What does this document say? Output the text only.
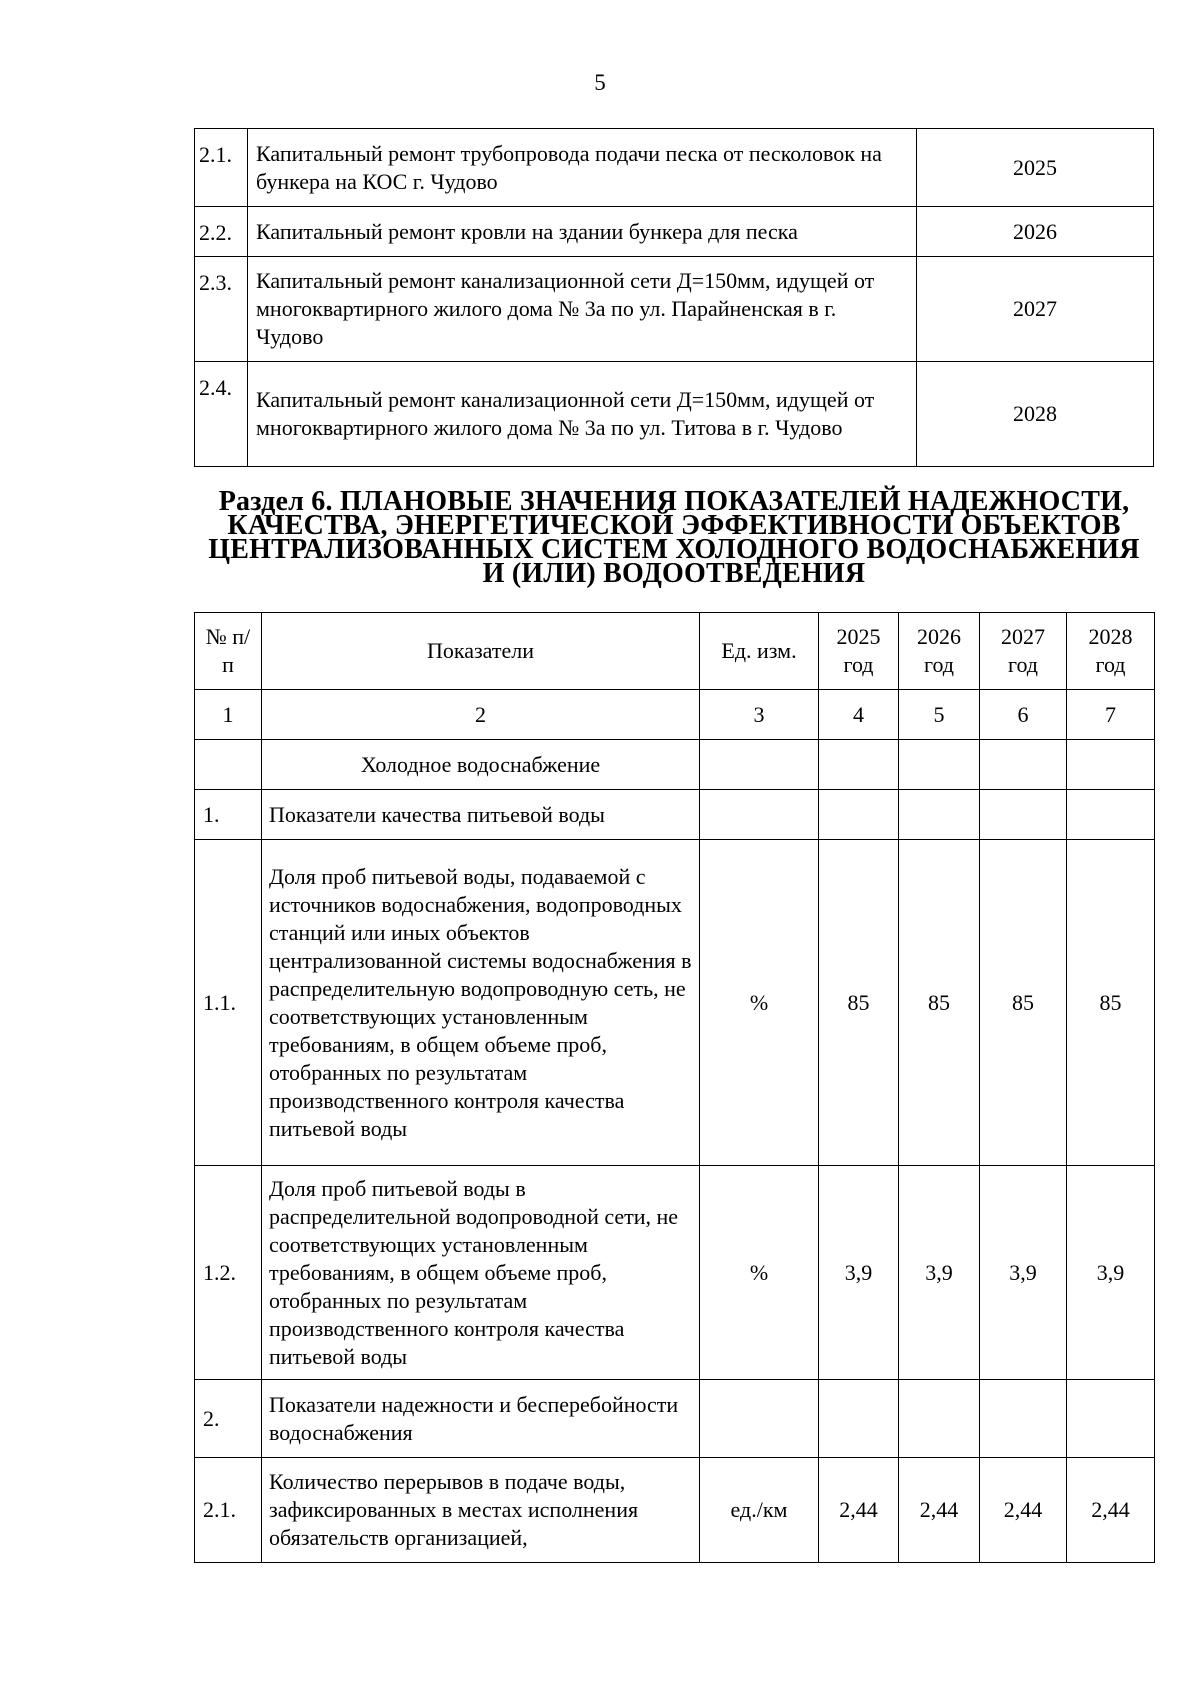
5
2.1.	Капитальный ремонт трубопровода подачи песка от песколовок на бункера на КОС г. Чудово	2025
2.2.	Капитальный ремонт кровли на здании бункера для песка	2026
2.3.	Капитальный ремонт канализационной сети Д=150мм, идущей от многоквартирного жилого дома № 3а по ул. Парайненская в г. Чудово	2027
2.4.	Капитальный ремонт канализационной сети Д=150мм, идущей от многоквартирного жилого дома № 3а по ул. Титова в г. Чудово	2028
Раздел 6. ПЛАНОВЫЕ ЗНАЧЕНИЯ ПОКАЗАТЕЛЕЙ НАДЕЖНОСТИ,
КАЧЕСТВА, ЭНЕРГЕТИЧЕСКОЙ ЭФФЕКТИВНОСТИ ОБЪЕКТОВ
ЦЕНТРАЛИЗОВАННЫХ СИСТЕМ ХОЛОДНОГО ВОДОСНАБЖЕНИЯ
И (ИЛИ) ВОДООТВЕДЕНИЯ
№ п/п	Показатели	Ед. изм.	2025 год	2026 год	2027 год	2028 год
1	2	3	4	5	6	7
	Холодное водоснабжение					
1.	Показатели качества питьевой воды					
1.1.	Доля проб питьевой воды, подаваемой с источников водоснабжения, водопроводных станций или иных объектов централизованной системы водоснабжения в распределительную водопроводную сеть, не соответствующих установленным требованиям, в общем объеме проб, отобранных по результатам производственного контроля качества питьевой воды	%	85	85	85	85
1.2.	Доля проб питьевой воды в распределительной водопроводной сети, не соответствующих установленным требованиям, в общем объеме проб, отобранных по результатам производственного контроля качества питьевой воды	%	3,9	3,9	3,9	3,9
2.	Показатели надежности и бесперебойности водоснабжения					
2.1.	Количество перерывов в подаче воды, зафиксированных в местах исполнения обязательств организацией,	ед./км	2,44	2,44	2,44	2,44
